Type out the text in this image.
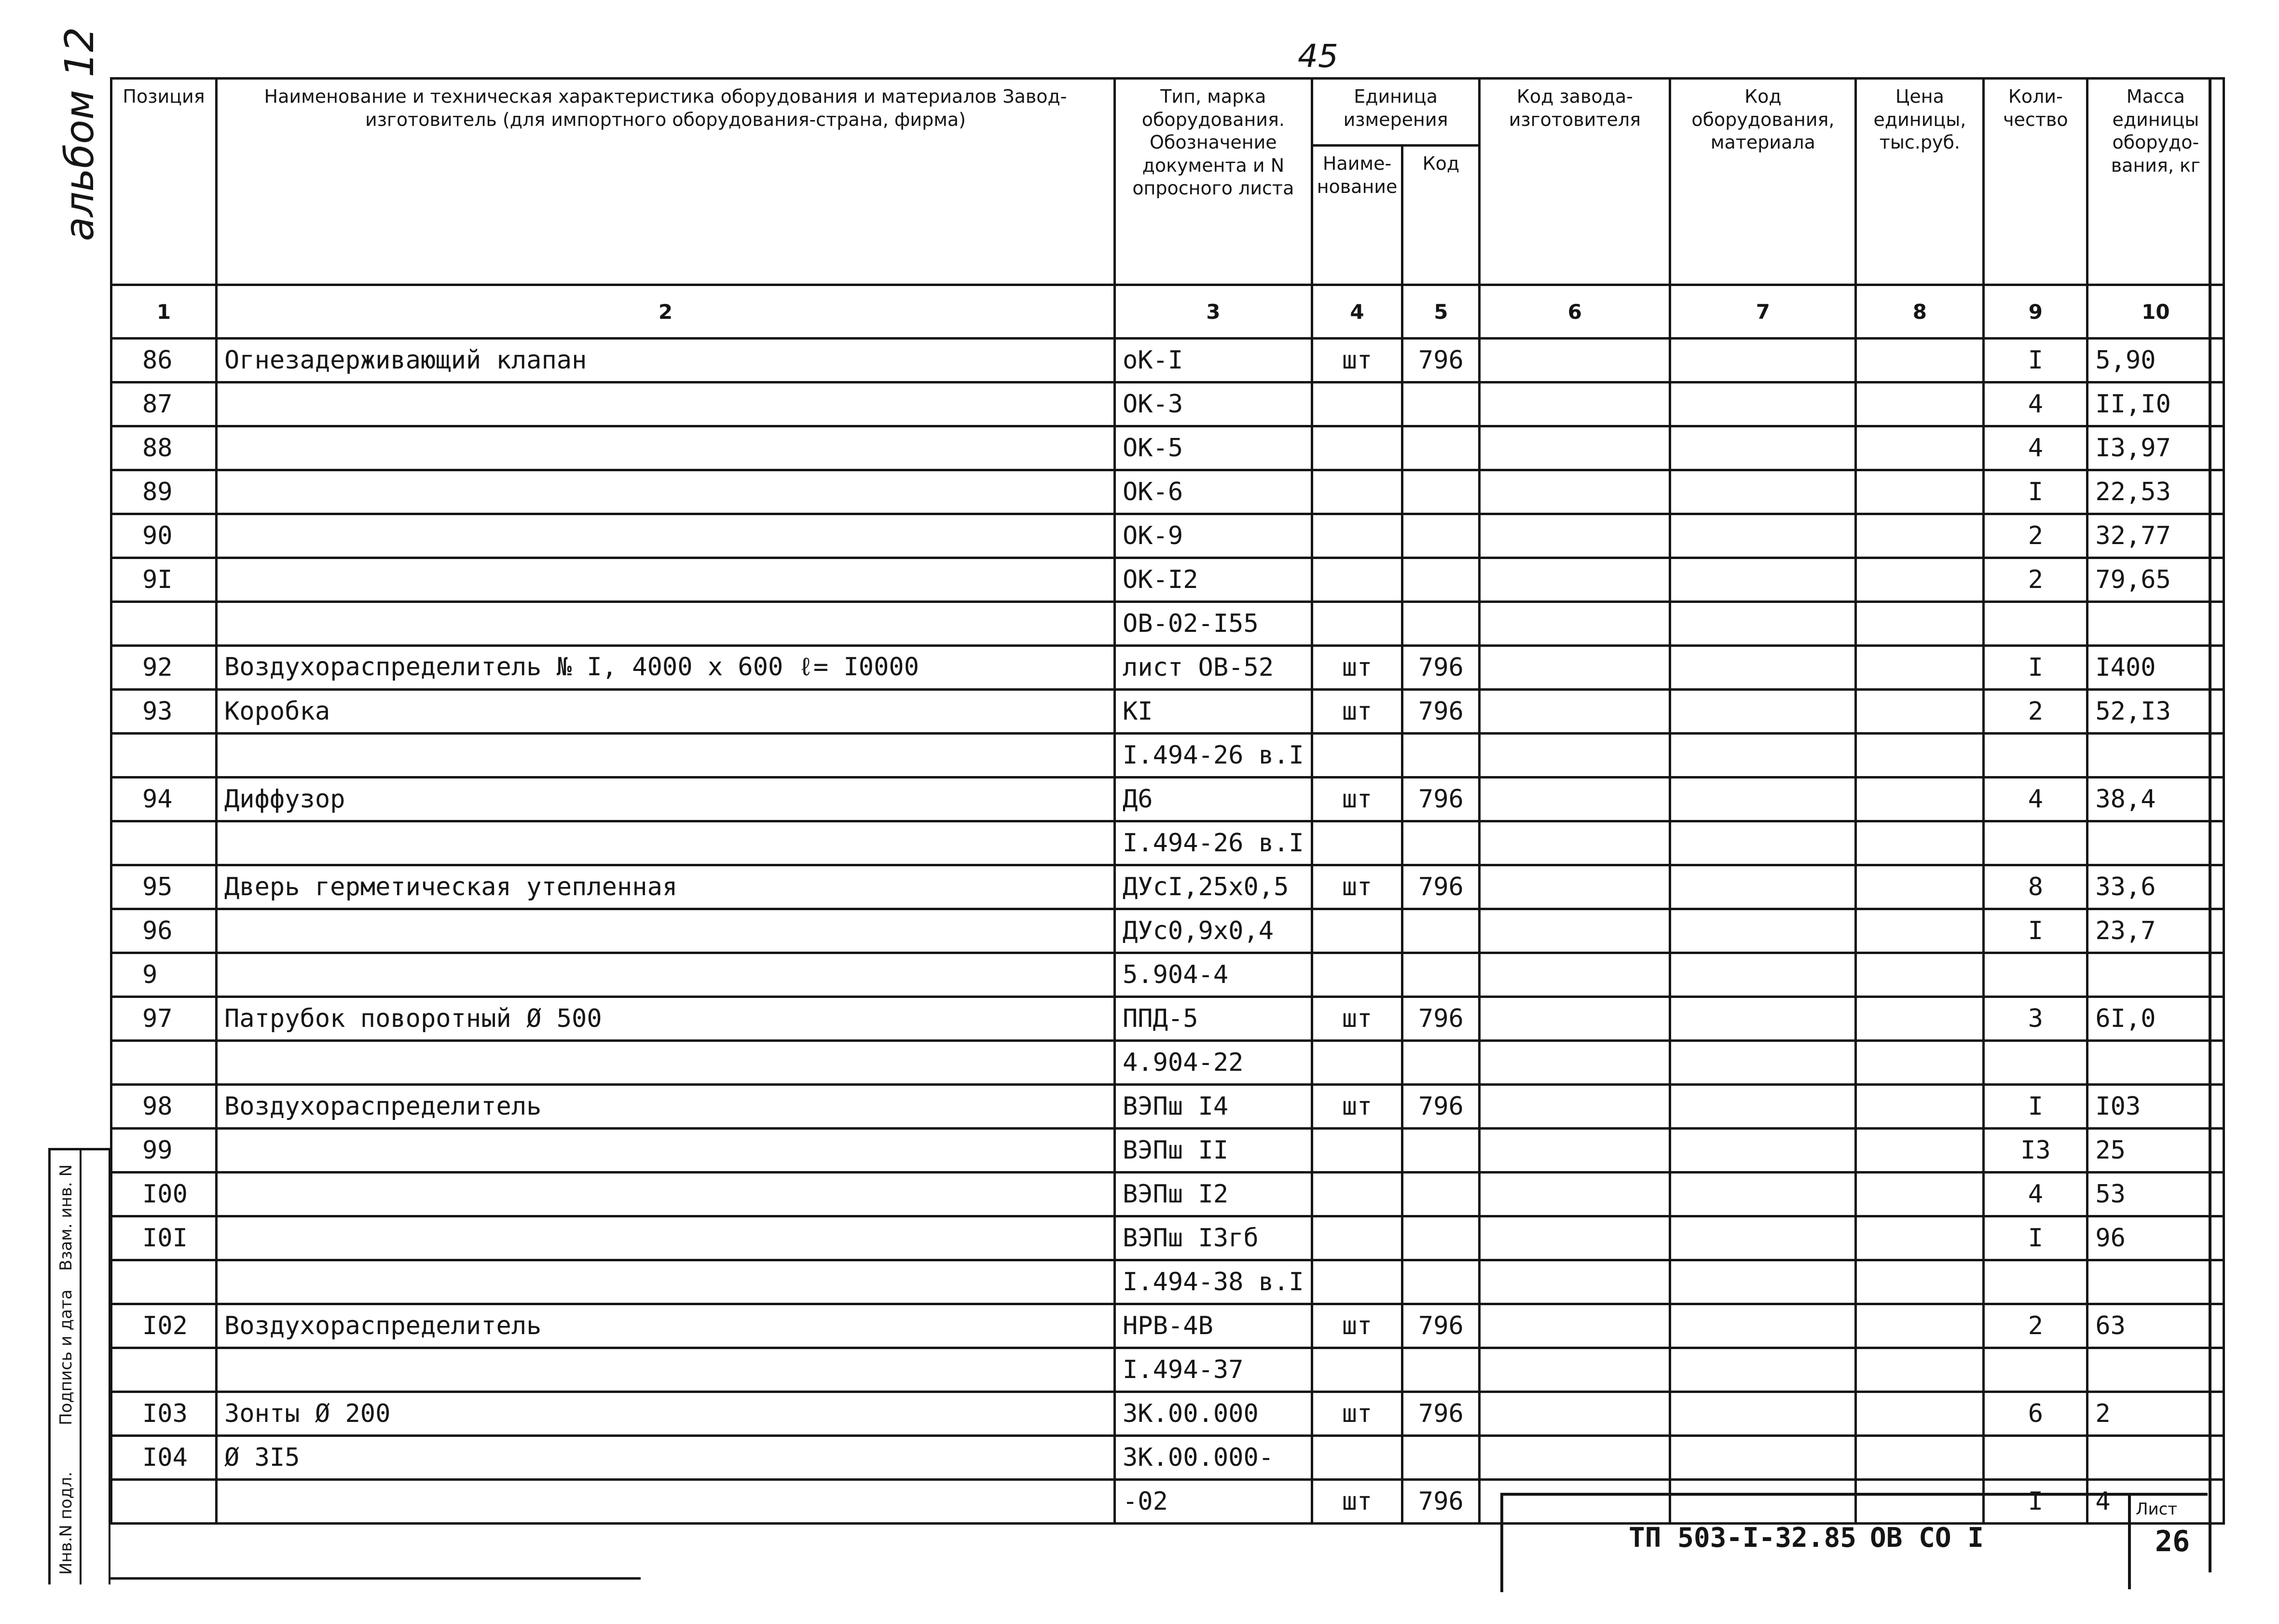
45
альбом 12 Позиция	Наименование и техническая характеристика оборудования и материалов Завод-изготовитель (для импортного оборудования-страна, фирма)	Тип, марка оборудования. Обозначение документа и N опросного листа	Единица измерения		Код завода-изготовителя	Код оборудования, материала	Цена единицы, тыс.руб.	Коли-чество	Масса единицы оборудо-вания, кг
			Наиме-нование	Код					
1	2	3	4	5	6	7	8	9	10
86	Огнезадерживающий клапан	оК-I	шт	796				I	5,90
87		ОК-3						4	II,I0
88		ОК-5						4	I3,97
89		ОК-6						I	22,53
90		ОК-9						2	32,77
9I		ОК-I2						2	79,65
		ОВ-02-I55							
92	Воздухораспределитель № I, 4000 х 600 ℓ= I0000	лист ОВ-52	шт	796				I	I400
93	Коробка	КI	шт	796				2	52,I3
		I.494-26 в.I							
94	Диффузор	Д6	шт	796				4	38,4
		I.494-26 в.I							
95	Дверь герметическая утепленная	ДУсI,25х0,5	шт	796				8	33,6
96		ДУс0,9х0,4						I	23,7
9		5.904-4							
97	Патрубок поворотный Ø 500	ППД-5	шт	796				3	6I,0
		4.904-22							
98	Воздухораспределитель	ВЭПш I4	шт	796				I	I03
99		ВЭПш II						I3	25
I00		ВЭПш I2						4	53
I0I		ВЭПш I3гб						I	96
		I.494-38 в.I							
I02	Воздухораспределитель	НРВ-4В	шт	796				2	63
		I.494-37							
I03	Зонты Ø 200	ЗК.00.000	шт	796				6	2
I04	Ø 3I5	ЗК.00.000-							
		-02	шт	796				I	4
Инв.N подл.
Подпись и дата
Взам. инв. N
ТП 503-I-32.85 ОВ СО I
Лист
26
